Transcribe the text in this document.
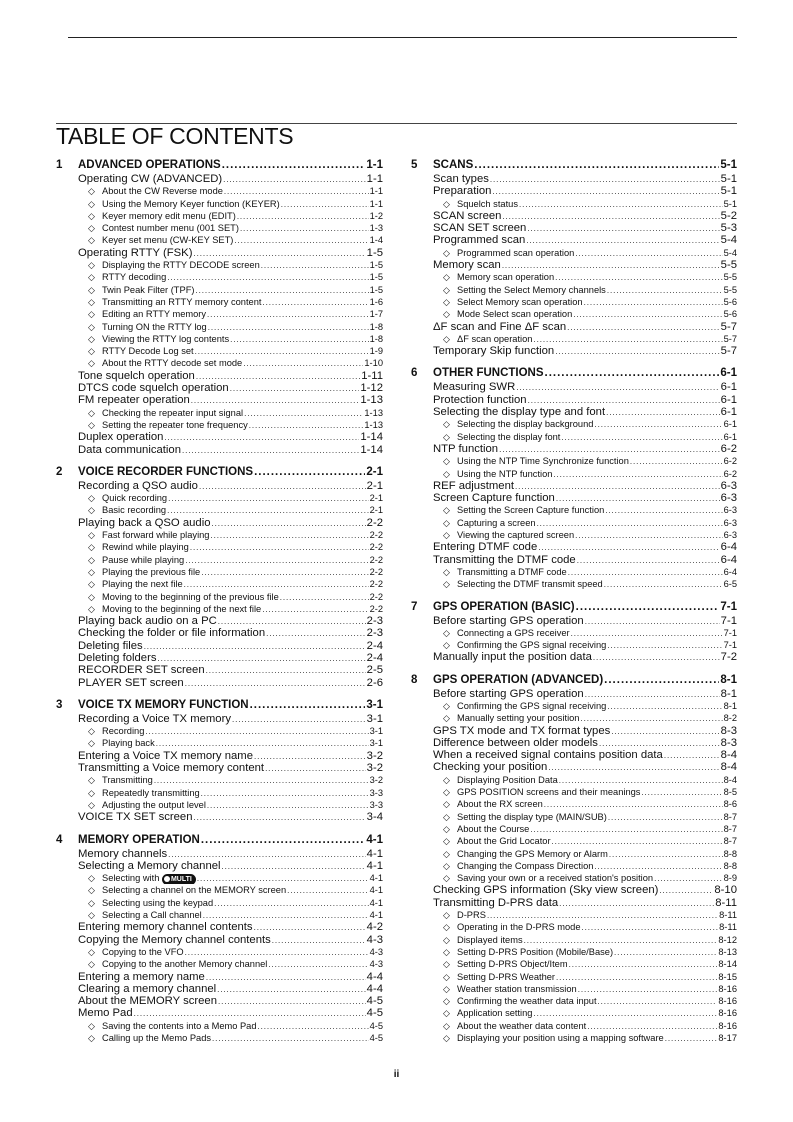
TABLE OF CONTENTS
1	ADVANCED OPERATIONS .....	1-1
Operating CW (ADVANCED) .....	1-1
◇ About the CW Reverse mode .....	1-1
◇ Using the Memory Keyer function (KEYER) .....	1-1
◇ Keyer memory edit menu (EDIT) .....	1-2
◇ Contest number menu (001 SET) .....	1-3
◇ Keyer set menu (CW-KEY SET) .....	1-4
Operating RTTY (FSK) .....	1-5
◇ Displaying the RTTY DECODE screen .....	1-5
◇ RTTY decoding .....	1-5
◇ Twin Peak Filter (TPF) .....	1-5
◇ Transmitting an RTTY memory content .....	1-6
◇ Editing an RTTY memory .....	1-7
◇ Turning ON the RTTY log .....	1-8
◇ Viewing the RTTY log contents .....	1-8
◇ RTTY Decode Log set .....	1-9
◇ About the RTTY decode set mode .....	1-10
Tone squelch operation .....	1-11
DTCS code squelch operation .....	1-12
FM repeater operation .....	1-13
◇ Checking the repeater input signal .....	1-13
◇ Setting the repeater tone frequency .....	1-13
Duplex operation .....	1-14
Data communication .....	1-14
2	VOICE RECORDER FUNCTIONS .....	2-1
Recording a QSO audio .....	2-1
◇ Quick recording .....	2-1
◇ Basic recording .....	2-1
Playing back a QSO audio .....	2-2
◇ Fast forward while playing .....	2-2
◇ Rewind while playing .....	2-2
◇ Pause while playing .....	2-2
◇ Playing the previous file .....	2-2
◇ Playing the next file .....	2-2
◇ Moving to the beginning of the previous file .....	2-2
◇ Moving to the beginning of the next file .....	2-2
Playing back audio on a PC .....	2-3
Checking the folder or file information .....	2-3
Deleting files .....	2-4
Deleting folders .....	2-4
RECORDER SET screen .....	2-5
PLAYER SET screen .....	2-6
3	VOICE TX MEMORY FUNCTION .....	3-1
Recording a Voice TX memory .....	3-1
◇ Recording .....	3-1
◇ Playing back .....	3-1
Entering a Voice TX memory name .....	3-2
Transmitting a Voice memory content .....	3-2
◇ Transmitting .....	3-2
◇ Repeatedly transmitting .....	3-3
◇ Adjusting the output level .....	3-3
VOICE TX SET screen .....	3-4
4	MEMORY OPERATION .....	4-1
Memory channels .....	4-1
Selecting a Memory channel .....	4-1
◇ Selecting with MULTI .....	4-1
◇ Selecting a channel on the MEMORY screen .....	4-1
◇ Selecting using the keypad .....	4-1
◇ Selecting a Call channel .....	4-1
Entering memory channel contents .....	4-2
Copying the Memory channel contents .....	4-3
◇ Copying to the VFO .....	4-3
◇ Copying to the another Memory channel .....	4-3
Entering a memory name .....	4-4
Clearing a memory channel .....	4-4
About the MEMORY screen .....	4-5
Memo Pad .....	4-5
◇ Saving the contents into a Memo Pad .....	4-5
◇ Calling up the Memo Pads .....	4-5
5	SCANS .....	5-1
Scan types .....	5-1
Preparation .....	5-1
◇ Squelch status .....	5-1
SCAN screen .....	5-2
SCAN SET screen .....	5-3
Programmed scan .....	5-4
◇ Programmed scan operation .....	5-4
Memory scan .....	5-5
◇ Memory scan operation .....	5-5
◇ Setting the Select Memory channels .....	5-5
◇ Select Memory scan operation .....	5-6
◇ Mode Select scan operation .....	5-6
ΔF scan and Fine ΔF scan .....	5-7
◇ ΔF scan operation .....	5-7
Temporary Skip function .....	5-7
6	OTHER FUNCTIONS .....	6-1
Measuring SWR .....	6-1
Protection function .....	6-1
Selecting the display type and font .....	6-1
◇ Selecting the display background .....	6-1
◇ Selecting the display font .....	6-1
NTP function .....	6-2
◇ Using the NTP Time Synchronize function .....	6-2
◇ Using the NTP function .....	6-2
REF adjustment .....	6-3
Screen Capture function .....	6-3
◇ Setting the Screen Capture function .....	6-3
◇ Capturing a screen .....	6-3
◇ Viewing the captured screen .....	6-3
Entering DTMF code .....	6-4
Transmitting the DTMF code .....	6-4
◇ Transmitting a DTMF code .....	6-4
◇ Selecting the DTMF transmit speed .....	6-5
7	GPS OPERATION (BASIC) .....	7-1
Before starting GPS operation .....	7-1
◇ Connecting a GPS receiver .....	7-1
◇ Confirming the GPS signal receiving .....	7-1
Manually input the position data .....	7-2
8	GPS OPERATION (ADVANCED) .....	8-1
Before starting GPS operation .....	8-1
◇ Confirming the GPS signal receiving .....	8-1
◇ Manually setting your position .....	8-2
GPS TX mode and TX format types .....	8-3
Difference between older models .....	8-3
When a received signal contains position data .....	8-4
Checking your position .....	8-4
◇ Displaying Position Data .....	8-4
◇ GPS POSITION screens and their meanings .....	8-5
◇ About the RX screen .....	8-6
◇ Setting the display type (MAIN/SUB) .....	8-7
◇ About the Course .....	8-7
◇ About the Grid Locator .....	8-7
◇ Changing the GPS Memory or Alarm .....	8-8
◇ Changing the Compass Direction .....	8-8
◇ Saving your own or a received station's position .....	8-9
Checking GPS information (Sky view screen) .....	8-10
Transmitting D-PRS data .....	8-11
◇ D-PRS .....	8-11
◇ Operating in the D-PRS mode .....	8-11
◇ Displayed items .....	8-12
◇ Setting D-PRS Position (Mobile/Base) .....	8-13
◇ Setting D-PRS Object/Item .....	8-14
◇ Setting D-PRS Weather .....	8-15
◇ Weather station transmission .....	8-16
◇ Confirming the weather data input .....	8-16
◇ Application setting .....	8-16
◇ About the weather data content .....	8-16
◇ Displaying your position using a mapping software .....	8-17
ii
